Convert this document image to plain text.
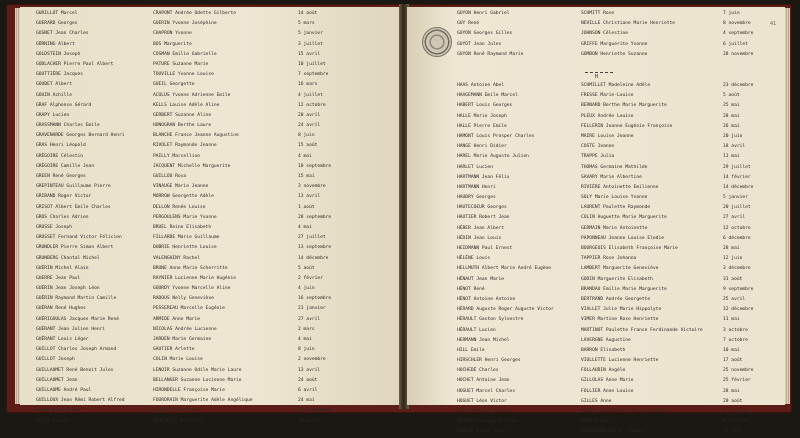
GURILLOT Marcel	CRAPONT Andrée Odette Gilberte	14 août
GUERARD Georges	GUERIN Yvonne Joséphine	5 mars
GOSNET Jean Charles	CHAPRON Yvonne	5 janvier
GÖRNING Albert	BOS Marguerite	3 juillet
GOLDSTEIN Joseph	COSMAN Emilie Gabrielle	15 avril
GODLACHER Pierre Paul Albert	PATURE Suzanne Marie	10 juillet
GOUTTIÈRE Jacques	TOUVILLE Yvonne Louise	7 septembre
GOUBET Albert	GUEIL Georgette	16 mars
GOUIN Achille	ACOLUS Yvonne Adrienne Emile	4 juillet
GRAF Alphonse Gérard	KELLS Louise Adèle Aline	12 octobre
GRAPY Lucien	GERBERT Suzanne Aline	20 avril
GRASSMANN Charles Emile	HONOGRAN Berthe Laure	24 avril
GRAVENARDE Georges Bernard Henri	BLANCHE France Jeanne Augustine	8 juin
GRAS Henri Léopold	RIVOLET Raymonde Jeanne	15 août
GRÉGOIRE Célestin	PAILLY Marcelline	4 mai
GRÉGOIRE Camille Jean	JACQUENT Michelle Marguerite	10 septembre
GREEN René Georges	GUILLOU Rosa	15 mai
GREPINTEAU Guillaume Pierre	VINAUGE Marie Jeanne	3 novembre
GRIBAND Roger Victor	MORROW Georgette Adèle	13 avril
GRISOT Albert Emile Charles	DELLON Renée Louise	1 août
GROS Charles Adrien	PERGOULENS Marie Yvonne	28 septembre
GROSSE Joseph	BRUEL Reine Elisabeth	4 mai
GROSSET Fernand Victor Félicien	FILLARDE Marie Guillaume	27 juillet
GRUNDLER Pierre Simon Albert	DUBRIE Henriette Louise	13 septembre
GRUNBERG Chantal Michel	VALENGHINY Rachel	14 décembre
GUÉRIN Michel Alain	BRUNE Anne Marie Scherritte	5 août
GUERRE Jean Paul	RAYNIER Lucienne Marie Hugénie	2 février
GUÉRIN Jean Joseph Léon	GOURDY Yvonne Marcelle Aline	4 juin
GUÉRIN Raymond Martin Camille	RADOUS Nelly Geneviève	16 septembre
GUÉRAN René Hughes	PESSEREAU Marcelle Eugénie	21 janvier
GUÉRIGOULAS Jacques Marie René	ARMIDE Anne Marie	27 avril
GUÉRANT Jean Julien Henri	NICOLAS Andrée Lucienne	2 mars
GUÉRANT Louis Léger	JARDEN Marie Germaine	4 mai
GUILLOT Charles Joseph Armand	GAUTIER Arlette	8 juin
GUILLOT Joseph	COLIN Marie Louise	2 novembre
GUILLAUMET René Benoit Jules	LENOIR Suzanne Odile Marie Laure	13 avril
GUILLAUMET Jean	BELLANGER Suzanne Lucienne Marie	24 août
GUILLAUME André Paul	HIRONDELLE Françoise Marie	6 avril
GUILLOUX Jean Rémi Robert Alfred	FOURDRAIN Marguerite Adèle Angélique	24 mai
GUYOT Paul Albert	CAILLAT Christine	21 septembre
GUYOT Pierre	VAUCHERIE Marcelle	20 avril
41
GUYON Henri Gabriel	SCHMITT Rose	7 juin
GUY René	NEVILLE Christiane Marie Henriette	8 novembre
GUYON Georges Gilles	JOHNSON Célestine	4 septembre
GUYOT Jean Jules	GRIFFE Marguerite Yvonne	6 juillet
GUYON René Raymond Marie	GOMBON Henriette Suzanne	28 novembre
H
HAAS Antoine Abel	SCHMILLET Madeleine Adèle	23 décembre
HAAGEMANN Emile Marcel	FRESSE Marie-Louise	5 août
HABERT Louis Georges	BERNARD Berthe Marie Marguerite	25 mai
HALLE Marie Joseph	PLEUX Andrée Louise	28 mai
HALLE Pierre Emile	FELLERIN Jeanne Eugénie Françoise	26 mai
HAMONT Louis Prosper Charles	MAIRE Louise Jeanne	20 juin
HANGE Henri Didier	COSTE Jeanne	18 avril
HAREL Marie Auguste Julien	TRAPPE Julia	11 mai
HARLET Lucien	THOMAS Germaine Mathilde	29 juillet
HARTMANN Jean Félix	SAVARY Marie Albertine	14 février
HARTMANN Henri	RIVIÈRE Antoinette Emilienne	14 décembre
HAUDRY Georges	SOLY Marie Louise Yvonne	5 janvier
HAUTECOEUR Georges	LAURENT Paulette Raymonde	20 juillet
HAUTIER Robert Jean	COLIN Huguette Marie Marguerite	27 avril
HÉBER Jean Albert	GERMAIN Marie Antoinette	12 octobre
HÉDIN Jean Louis	PAPONNEAU Jeanne Louise Elodie	6 décembre
HEIDMANN Paul Ernest	BOURGEOIS Elisabeth Françoise Marie	28 mai
HÉLÈNE Louis	TAPPIER Rose Johanna	12 juin
HELLMUTH Albert Marie André Eugène	LAMBERT Marguerite Geneviève	3 décembre
HÉNAUT Jean Marie	GODIN Marguerite Elisabeth	31 août
HÉNOT René	BRANDAU Emilie Marie Marguerite	9 septembre
HÉNOT Antoine Antoine	BERTRAND Andrée Georgette	25 avril
HÉRARD Auguste Roger Auguste Victor	VIALLET Julie Marie Hippolyte	12 décembre
HÉRAULT Gaston Sylvestre	VIMER Martine Rose Henriette	11 mai
HÉRAULT Lucien	MARTINOT Paulette France Ferdinande Victoire	3 octobre
HERMANN Jean Michel	LAVERGNE Augustine	7 octobre
HILL Emile	BARRON Elisabeth	10 mai
HIRSCHLER Henri Georges	VIOLLETTE Lucienne Henriette	17 août
HOCHEDÉ Charles	FOLLAUDIN Angèle	25 novembre
HOCHET Antoine Jean	GILLOLAS Anne Marie	25 février
HOGUET Marcel Charles	FOLLIER Anne Louise	28 mai
HOGUET Léon Victor	GILLES Anne	20 août
HOLTZ Robert Gabriel	GROSSE Antoinette Marie Victoire	6 juillet
HOMMEL Fernand Charles	HIRSCH Eva	4 juillet
HONORÉ Louis Henri	GUILLEMIN Marie Jeanne	21 août
